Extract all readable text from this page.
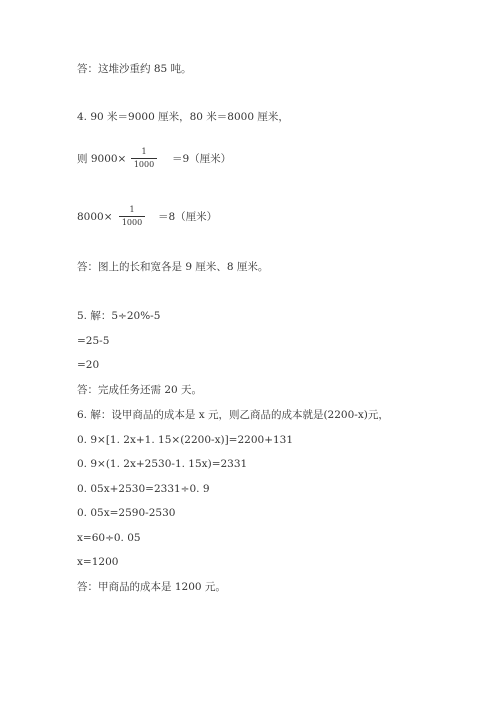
答：这堆沙重约 85 吨。
4. 90 米＝9000 厘米，80 米＝8000 厘米，
则 9000×
1
1000 ＝9（厘米）
8000×
1
1000 ＝8（厘米）
答：图上的长和宽各是 9 厘米、8 厘米。
5. 解：5÷20%-5
=25-5
=20
答：完成任务还需 20 天。
6. 解：设甲商品的成本是 x 元，则乙商品的成本就是(2200-x)元，
0. 9×[1. 2x+1. 15×(2200-x)]=2200+131
0. 9×(1. 2x+2530-1. 15x)=2331
0. 05x+2530=2331÷0. 9
0. 05x=2590-2530
x=60÷0. 05
x=1200
答：甲商品的成本是 1200 元。
